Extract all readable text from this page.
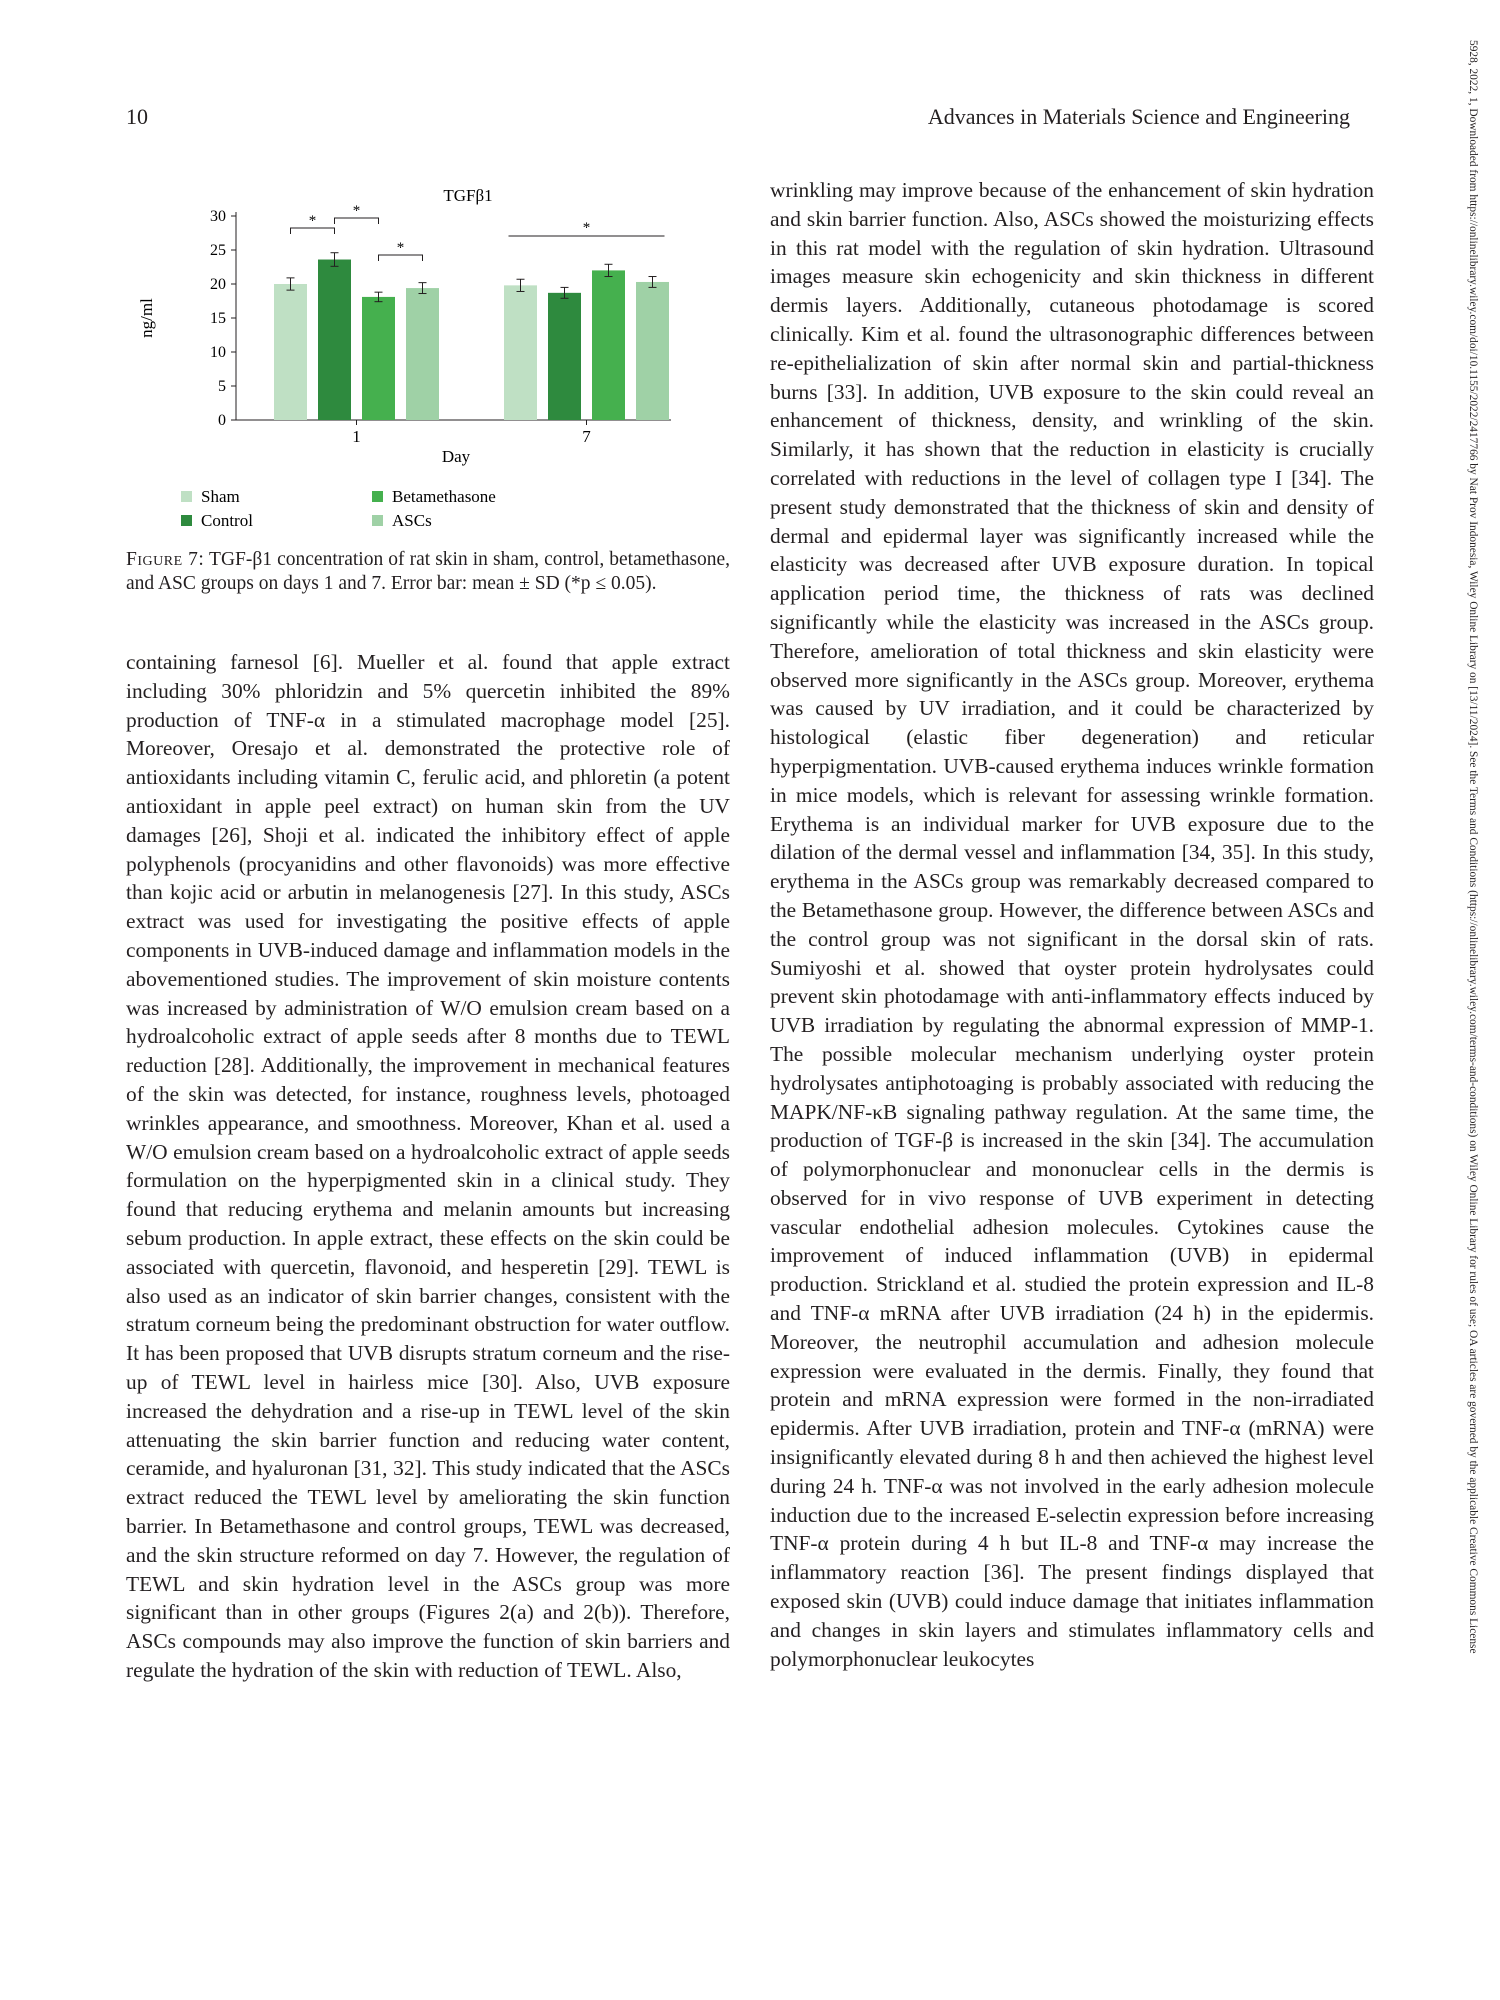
10	Advances in Materials Science and Engineering	5928, 2022, 1, Downloaded from https://onlinelibrary.wiley.com/doi/10.1155/2022/2417766 by Nat Prov Indonesia, Wiley Online Library on [13/11/2024]. See the Terms and Conditions (https://onlinelibrary.wiley.com/terms-and-conditions) on Wiley Online Library for rules of use; OA articles are governed by the applicable Creative Commons License
TGFβ1
0
5
10
15
20
25
30
ng/ml
1	7
Day
*
*
*
*
Sham
Control
Betamethasone
ASCs
Figure 7: TGF-β1 concentration of rat skin in sham, control, betamethasone, and ASC groups on days 1 and 7. Error bar: mean ± SD (*p ≤ 0.05).

containing farnesol [6]. Mueller et al. found that apple extract including 30% phloridzin and 5% quercetin inhibited the 89% production of TNF-α in a stimulated macrophage model [25]. Moreover, Oresajo et al. demonstrated the protective role of antioxidants including vitamin C, ferulic acid, and phloretin (a potent antioxidant in apple peel extract) on human skin from the UV damages [26], Shoji et al. indicated the inhibitory effect of apple polyphenols (procyanidins and other flavonoids) was more effective than kojic acid or arbutin in melanogenesis [27]. In this study, ASCs extract was used for investigating the positive effects of apple components in UVB-induced damage and inflammation models in the abovementioned studies. The improvement of skin moisture contents was increased by administration of W/O emulsion cream based on a hydroalcoholic extract of apple seeds after 8 months due to TEWL reduction [28]. Additionally, the improvement in mechanical features of the skin was detected, for instance, roughness levels, photoaged wrinkles appearance, and smoothness. Moreover, Khan et al. used a W/O emulsion cream based on a hydroalcoholic extract of apple seeds formulation on the hyperpigmented skin in a clinical study. They found that reducing erythema and melanin amounts but increasing sebum production. In apple extract, these effects on the skin could be associated with quercetin, flavonoid, and hesperetin [29]. TEWL is also used as an indicator of skin barrier changes, consistent with the stratum corneum being the predominant obstruction for water outflow. It has been proposed that UVB disrupts stratum corneum and the rise-up of TEWL level in hairless mice [30]. Also, UVB exposure increased the dehydration and a rise-up in TEWL level of the skin attenuating the skin barrier function and reducing water content, ceramide, and hyaluronan [31, 32]. This study indicated that the ASCs extract reduced the TEWL level by ameliorating the skin function barrier. In Betamethasone and control groups, TEWL was decreased, and the skin structure reformed on day 7. However, the regulation of TEWL and skin hydration level in the ASCs group was more significant than in other groups (Figures 2(a) and 2(b)). Therefore, ASCs compounds may also improve the function of skin barriers and regulate the hydration of the skin with reduction of TEWL. Also,

wrinkling may improve because of the enhancement of skin hydration and skin barrier function. Also, ASCs showed the moisturizing effects in this rat model with the regulation of skin hydration. Ultrasound images measure skin echogenicity and skin thickness in different dermis layers. Additionally, cutaneous photodamage is scored clinically. Kim et al. found the ultrasonographic differences between re-epithelialization of skin after normal skin and partial-thickness burns [33]. In addition, UVB exposure to the skin could reveal an enhancement of thickness, density, and wrinkling of the skin. Similarly, it has shown that the reduction in elasticity is crucially correlated with reductions in the level of collagen type I [34]. The present study demonstrated that the thickness of skin and density of dermal and epidermal layer was significantly increased while the elasticity was decreased after UVB exposure duration. In topical application period time, the thickness of rats was declined significantly while the elasticity was increased in the ASCs group. Therefore, amelioration of total thickness and skin elasticity were observed more significantly in the ASCs group. Moreover, erythema was caused by UV irradiation, and it could be characterized by histological (elastic fiber degeneration) and reticular hyperpigmentation. UVB-caused erythema induces wrinkle formation in mice models, which is relevant for assessing wrinkle formation. Erythema is an individual marker for UVB exposure due to the dilation of the dermal vessel and inflammation [34, 35]. In this study, erythema in the ASCs group was remarkably decreased compared to the Betamethasone group. However, the difference between ASCs and the control group was not significant in the dorsal skin of rats. Sumiyoshi et al. showed that oyster protein hydrolysates could prevent skin photodamage with anti-inflammatory effects induced by UVB irradiation by regulating the abnormal expression of MMP-1. The possible molecular mechanism underlying oyster protein hydrolysates antiphotoaging is probably associated with reducing the MAPK/NF-κB signaling pathway regulation. At the same time, the production of TGF-β is increased in the skin [34]. The accumulation of polymorphonuclear and mononuclear cells in the dermis is observed for in vivo response of UVB experiment in detecting vascular endothelial adhesion molecules. Cytokines cause the improvement of induced inflammation (UVB) in epidermal production. Strickland et al. studied the protein expression and IL-8 and TNF-α mRNA after UVB irradiation (24 h) in the epidermis. Moreover, the neutrophil accumulation and adhesion molecule expression were evaluated in the dermis. Finally, they found that protein and mRNA expression were formed in the non-irradiated epidermis. After UVB irradiation, protein and TNF-α (mRNA) were insignificantly elevated during 8 h and then achieved the highest level during 24 h. TNF-α was not involved in the early adhesion molecule induction due to the increased E-selectin expression before increasing TNF-α protein during 4 h but IL-8 and TNF-α may increase the inflammatory reaction [36]. The present findings displayed that exposed skin (UVB) could induce damage that initiates inflammation and changes in skin layers and stimulates inflammatory cells and polymorphonuclear leukocytes
